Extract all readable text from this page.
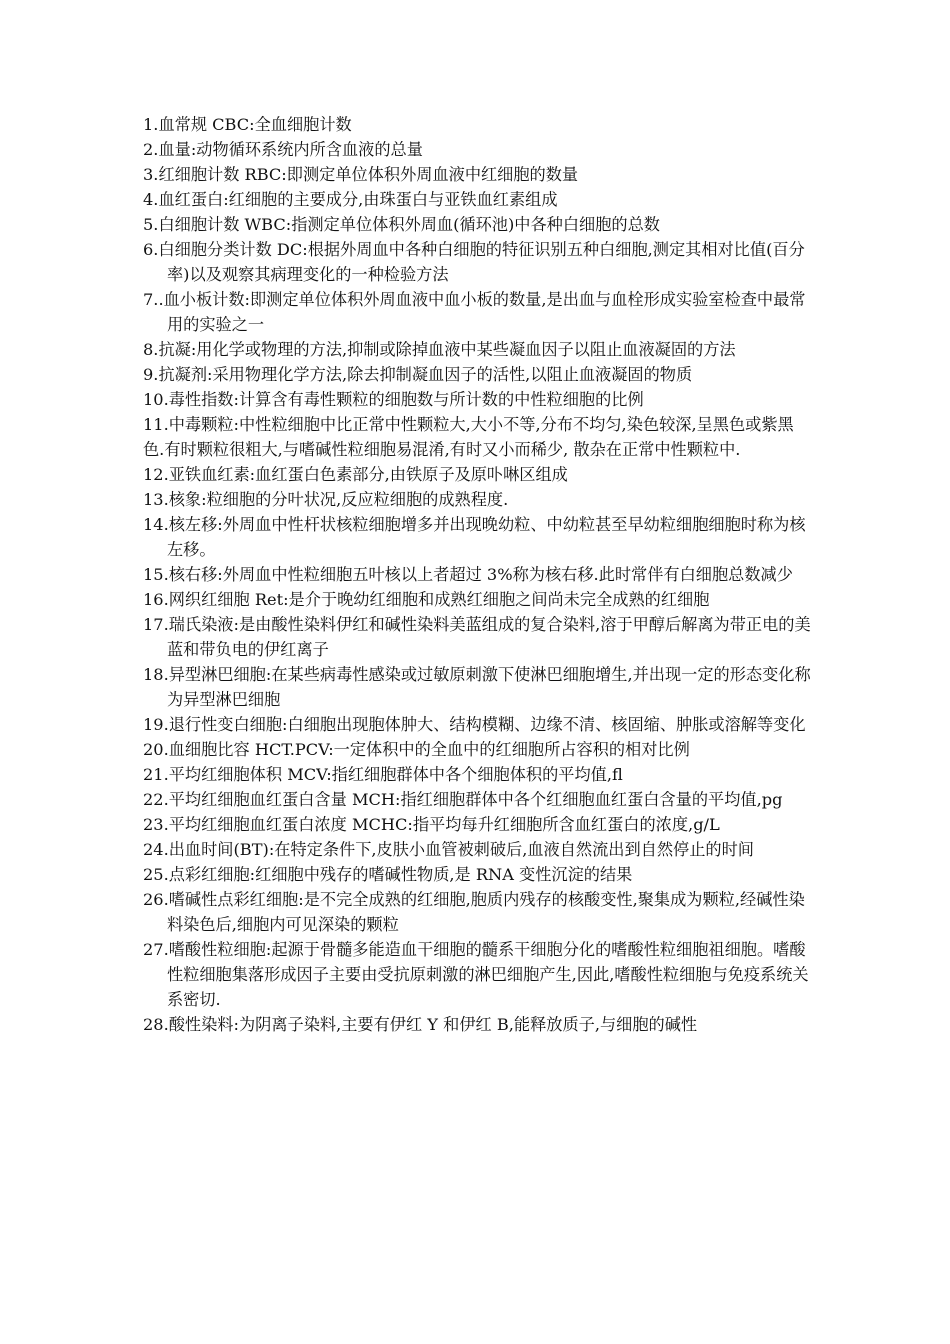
1.血常规 CBC:全血细胞计数
2.血量:动物循环系统内所含血液的总量
3.红细胞计数 RBC:即测定单位体积外周血液中红细胞的数量
4.血红蛋白:红细胞的主要成分,由珠蛋白与亚铁血红素组成
5.白细胞计数 WBC:指测定单位体积外周血(循环池)中各种白细胞的总数
6.白细胞分类计数 DC:根据外周血中各种白细胞的特征识别五种白细胞,测定其相对比值(百分率)以及观察其病理变化的一种检验方法
7..血小板计数:即测定单位体积外周血液中血小板的数量,是出血与血栓形成实验室检查中最常用的实验之一
8.抗凝:用化学或物理的方法,抑制或除掉血液中某些凝血因子以阻止血液凝固的方法
9.抗凝剂:采用物理化学方法,除去抑制凝血因子的活性,以阻止血液凝固的物质
10.毒性指数:计算含有毒性颗粒的细胞数与所计数的中性粒细胞的比例
11.中毒颗粒:中性粒细胞中比正常中性颗粒大,大小不等,分布不均匀,染色较深,呈黑色或紫黑色.有时颗粒很粗大,与嗜碱性粒细胞易混淆,有时又小而稀少, 散杂在正常中性颗粒中.
12.亚铁血红素:血红蛋白色素部分,由铁原子及原卟啉区组成
13.核象:粒细胞的分叶状况,反应粒细胞的成熟程度.
14.核左移:外周血中性杆状核粒细胞增多并出现晚幼粒、中幼粒甚至早幼粒细胞细胞时称为核左移。
15.核右移:外周血中性粒细胞五叶核以上者超过 3%称为核右移.此时常伴有白细胞总数减少
16.网织红细胞 Ret:是介于晚幼红细胞和成熟红细胞之间尚未完全成熟的红细胞
17.瑞氏染液:是由酸性染料伊红和碱性染料美蓝组成的复合染料,溶于甲醇后解离为带正电的美蓝和带负电的伊红离子
18.异型淋巴细胞:在某些病毒性感染或过敏原刺激下使淋巴细胞增生,并出现一定的形态变化称为异型淋巴细胞
19.退行性变白细胞:白细胞出现胞体肿大、结构模糊、边缘不清、核固缩、肿胀或溶解等变化
20.血细胞比容 HCT.PCV:一定体积中的全血中的红细胞所占容积的相对比例
21.平均红细胞体积 MCV:指红细胞群体中各个细胞体积的平均值,fl
22.平均红细胞血红蛋白含量 MCH:指红细胞群体中各个红细胞血红蛋白含量的平均值,pg
23.平均红细胞血红蛋白浓度 MCHC:指平均每升红细胞所含血红蛋白的浓度,g/L
24.出血时间(BT):在特定条件下,皮肤小血管被刺破后,血液自然流出到自然停止的时间
25.点彩红细胞:红细胞中残存的嗜碱性物质,是 RNA 变性沉淀的结果
26.嗜碱性点彩红细胞:是不完全成熟的红细胞,胞质内残存的核酸变性,聚集成为颗粒,经碱性染料染色后,细胞内可见深染的颗粒
27.嗜酸性粒细胞:起源于骨髓多能造血干细胞的髓系干细胞分化的嗜酸性粒细胞祖细胞。嗜酸性粒细胞集落形成因子主要由受抗原刺激的淋巴细胞产生,因此,嗜酸性粒细胞与免疫系统关系密切.
28.酸性染料:为阴离子染料,主要有伊红 Y 和伊红 B,能释放质子,与细胞的碱性
